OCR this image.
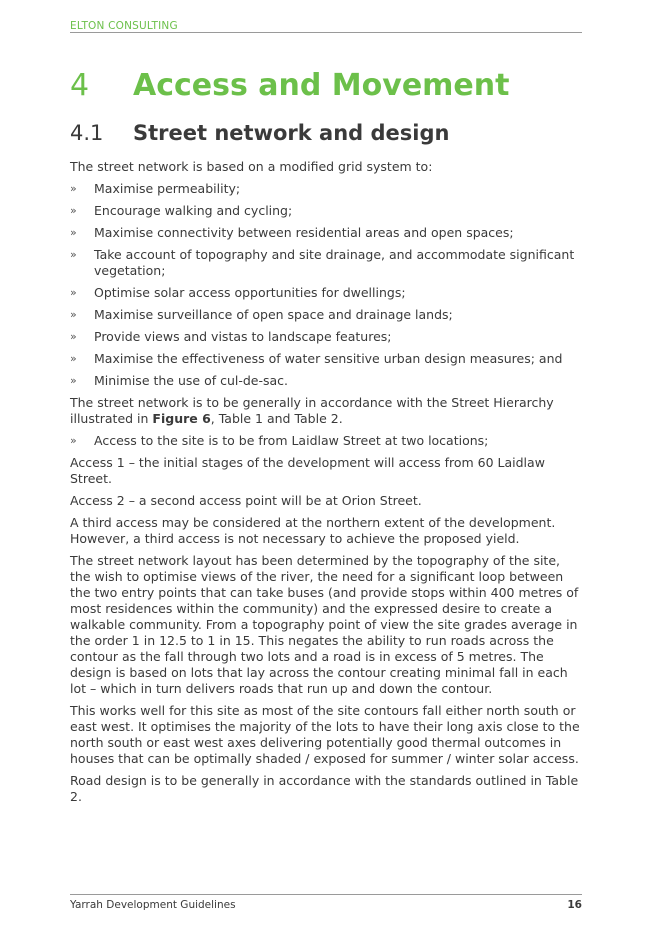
ELTON CONSULTING
4	Access and Movement
4.1	Street network and design

The street network is based on a modified grid system to:

»	Maximise permeability;
»	Encourage walking and cycling;
»	Maximise connectivity between residential areas and open spaces;
»	Take account of topography and site drainage, and accommodate significant vegetation;
»	Optimise solar access opportunities for dwellings;
»	Maximise surveillance of open space and drainage lands;
»	Provide views and vistas to landscape features;
»	Maximise the effectiveness of water sensitive urban design measures; and
»	Minimise the use of cul-de-sac.

The street network is to be generally in accordance with the Street Hierarchy illustrated in Figure 6, Table 1 and Table 2.

»	Access to the site is to be from Laidlaw Street at two locations;

Access 1 – the initial stages of the development will access from 60 Laidlaw Street.

Access 2 – a second access point will be at Orion Street.

A third access may be considered at the northern extent of the development. However, a third access is not necessary to achieve the proposed yield.

The street network layout has been determined by the topography of the site, the wish to optimise views of the river, the need for a significant loop between the two entry points that can take buses (and provide stops within 400 metres of most residences within the community) and the expressed desire to create a walkable community. From a topography point of view the site grades average in the order 1 in 12.5 to 1 in 15. This negates the ability to run roads across the contour as the fall through two lots and a road is in excess of 5 metres. The design is based on lots that lay across the contour creating minimal fall in each lot – which in turn delivers roads that run up and down the contour.

This works well for this site as most of the site contours fall either north south or east west. It optimises the majority of the lots to have their long axis close to the north south or east west axes delivering potentially good thermal outcomes in houses that can be optimally shaded / exposed for summer / winter solar access.

Road design is to be generally in accordance with the standards outlined in Table 2.

Yarrah Development Guidelines	16
